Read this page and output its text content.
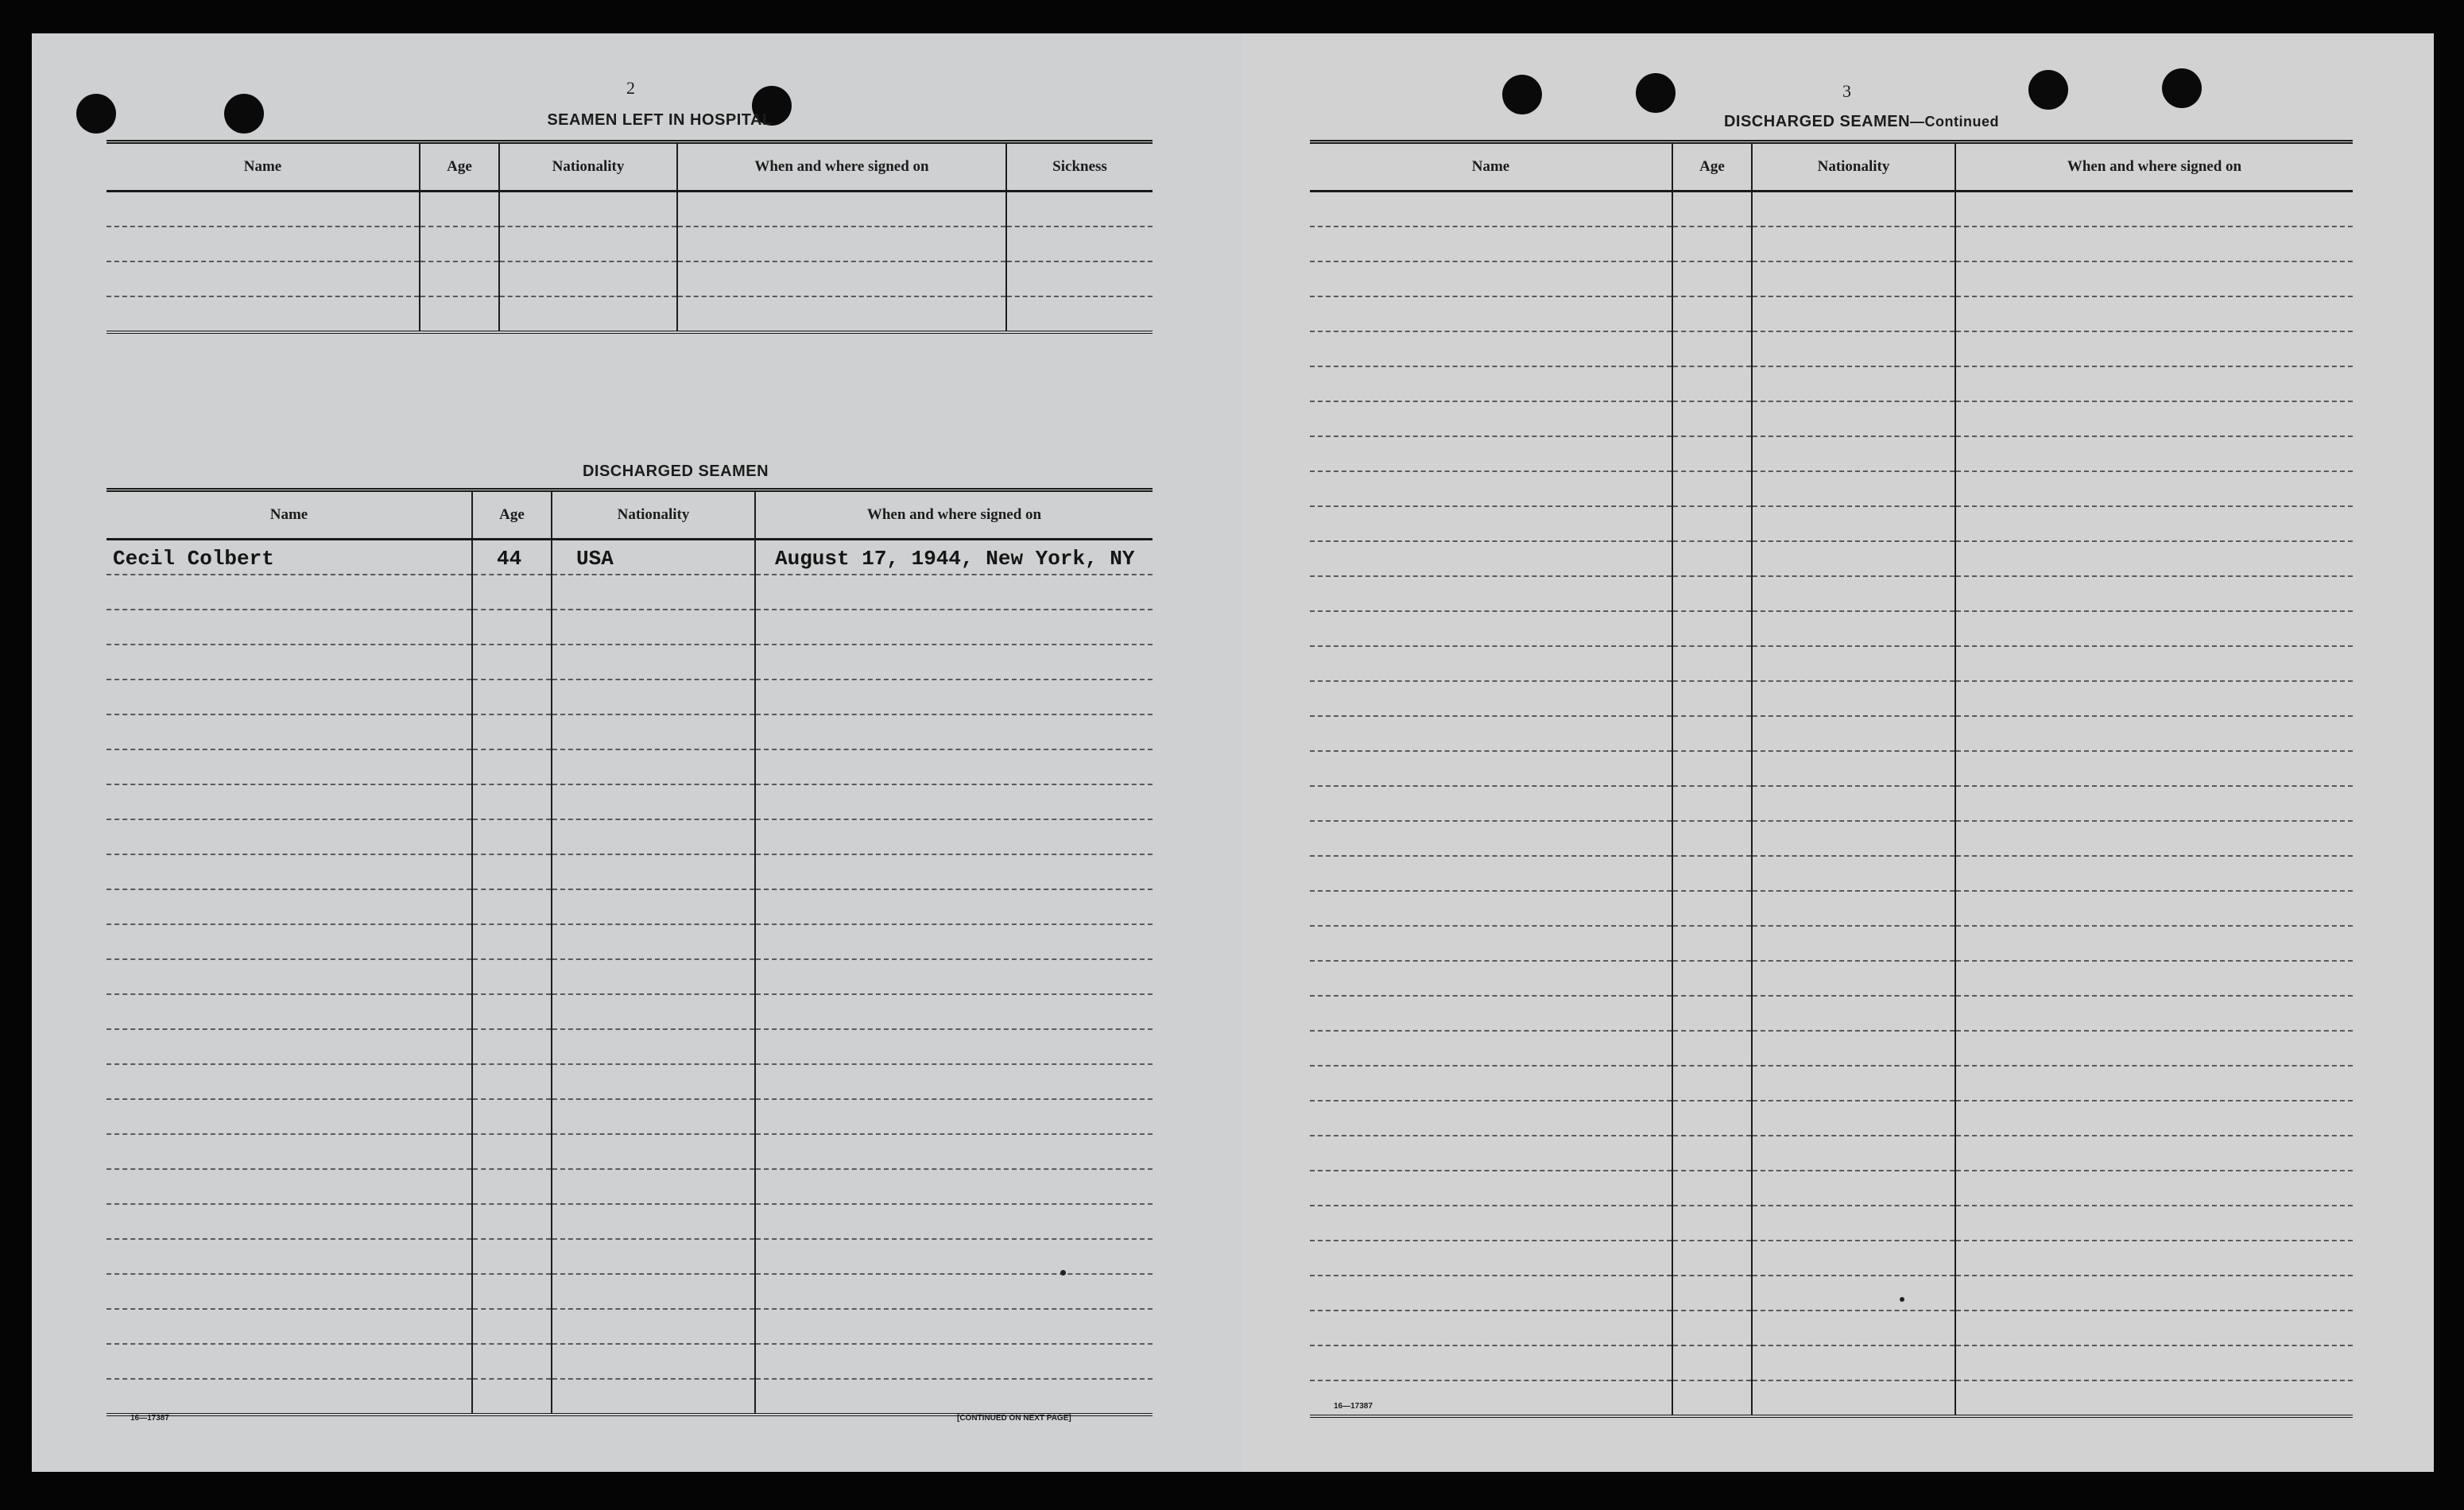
2
SEAMEN LEFT IN HOSPITAL
Name	Age	Nationality	When and where signed on	Sickness

DISCHARGED SEAMEN
Name	Age	Nationality	When and where signed on

Cecil Colbert	44	USA	August 17, 1944, New York, NY

16—17387	[CONTINUED ON NEXT PAGE]
3
DISCHARGED SEAMEN—Continued
Name	Age	Nationality	When and where signed on

16—17387
